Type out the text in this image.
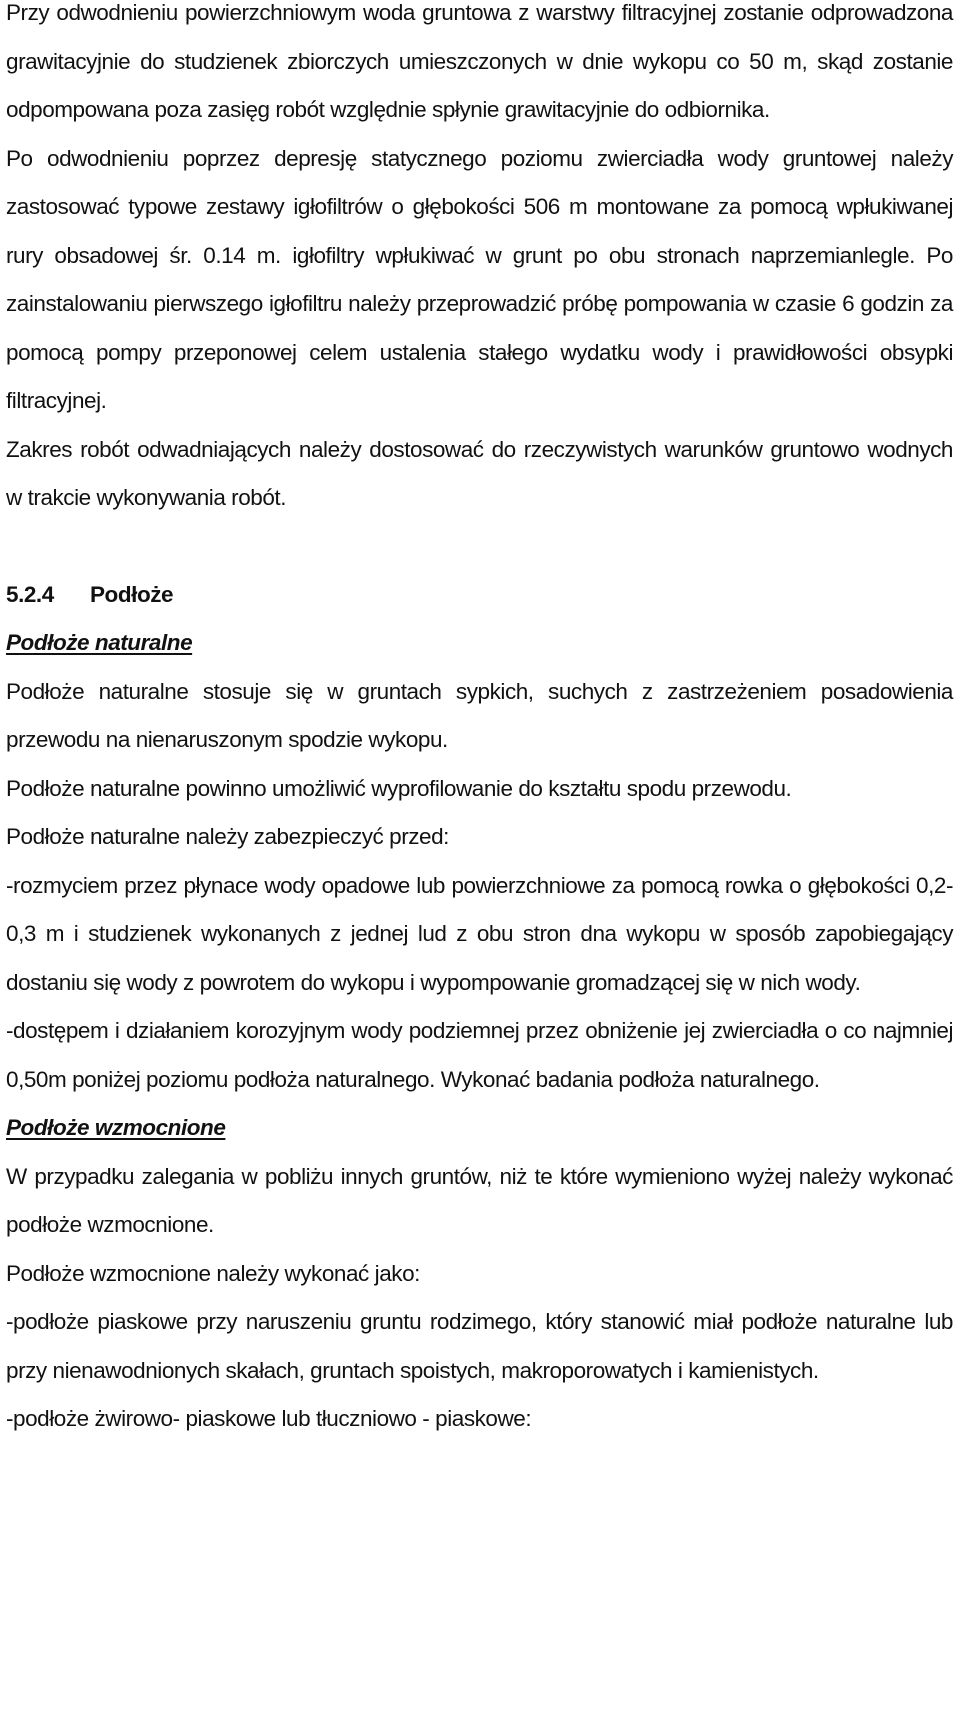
Przy odwodnieniu powierzchniowym woda gruntowa z warstwy filtracyjnej zostanie odprowadzona grawitacyjnie do studzienek zbiorczych umieszczonych w dnie wykopu co 50 m, skąd zostanie odpompowana poza zasięg robót względnie spłynie grawitacyjnie do odbiornika.

Po odwodnieniu poprzez depresję statycznego poziomu zwierciadła wody gruntowej należy zastosować typowe zestawy igłofiltrów o głębokości 506 m montowane za pomocą wpłukiwanej rury obsadowej śr. 0.14 m. igłofiltry wpłukiwać w grunt po obu stronach naprzemianlegle. Po zainstalowaniu pierwszego igłofiltru należy przeprowadzić próbę pompowania w czasie 6 godzin za pomocą pompy przeponowej celem ustalenia stałego wydatku wody i prawidłowości obsypki filtracyjnej.

Zakres robót odwadniających należy dostosować do rzeczywistych warunków gruntowo wodnych w trakcie wykonywania robót.

5.2.4 Podłoże

Podłoże naturalne

Podłoże naturalne stosuje się w gruntach sypkich, suchych z zastrzeżeniem posadowienia przewodu na nienaruszonym spodzie wykopu.

Podłoże naturalne powinno umożliwić wyprofilowanie do kształtu spodu przewodu.

Podłoże naturalne należy zabezpieczyć przed:

-rozmyciem przez płynace wody opadowe lub powierzchniowe za pomocą rowka o głębokości 0,2-0,3 m i studzienek wykonanych z jednej lud z obu stron dna wykopu w sposób zapobiegający dostaniu się wody z powrotem do wykopu i wypompowanie gromadzącej się w nich wody.

-dostępem i działaniem korozyjnym wody podziemnej przez obniżenie jej zwierciadła o co najmniej 0,50m poniżej poziomu podłoża naturalnego. Wykonać badania podłoża naturalnego.

Podłoże wzmocnione

W przypadku zalegania w pobliżu innych gruntów, niż te które wymieniono wyżej należy wykonać podłoże wzmocnione.

Podłoże wzmocnione należy wykonać jako:

-podłoże piaskowe przy naruszeniu gruntu rodzimego, który stanowić miał podłoże naturalne lub przy nienawodnionych skałach, gruntach spoistych, makroporowatych i kamienistych.

-podłoże żwirowo- piaskowe lub tłuczniowo - piaskowe:
